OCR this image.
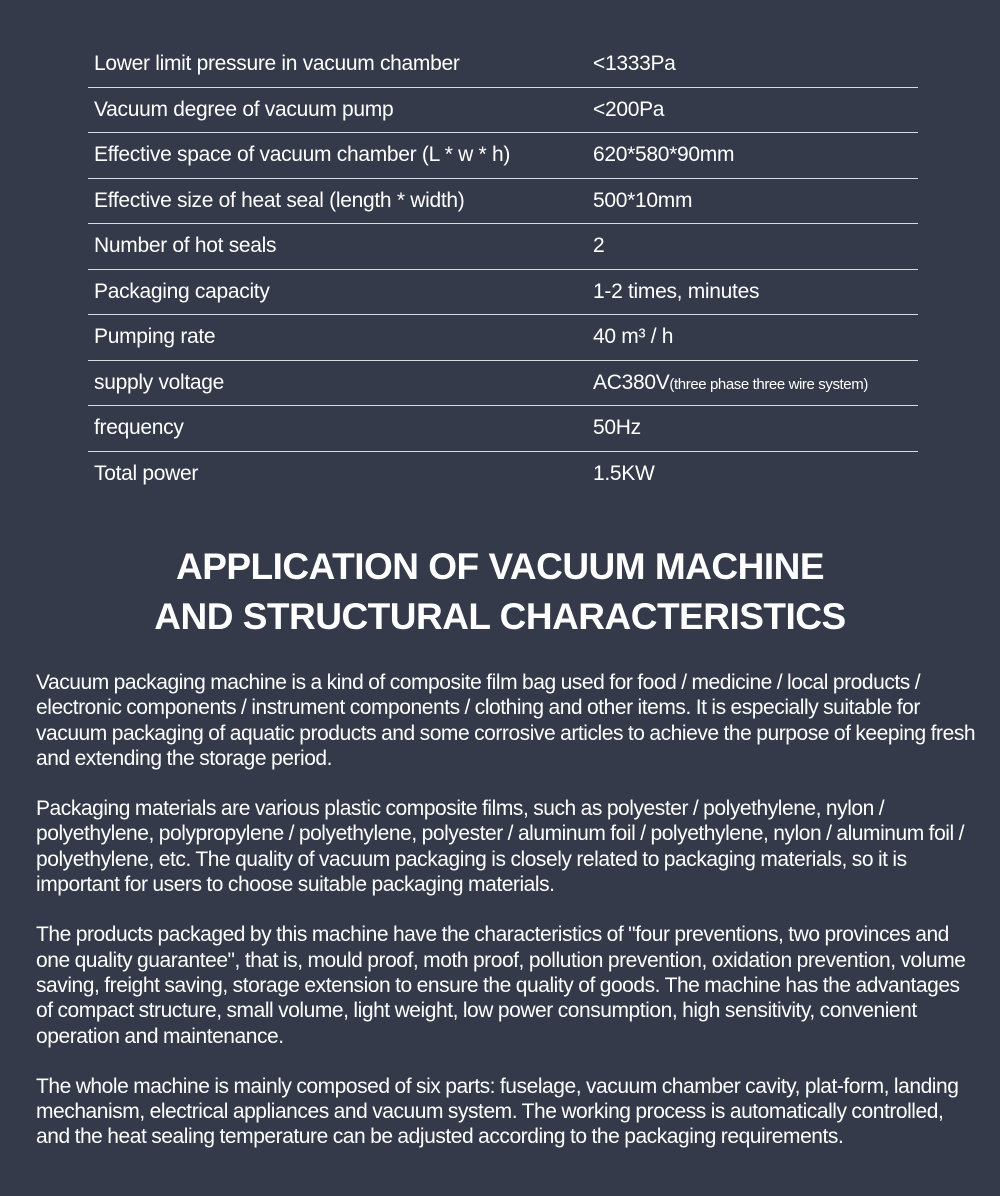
Lower limit pressure in vacuum chamber	<1333Pa
Vacuum degree of vacuum pump	<200Pa
Effective space of vacuum chamber (L * w * h)	620*580*90mm
Effective size of heat seal (length * width)	500*10mm
Number of hot seals	2
Packaging capacity	1-2 times, minutes
Pumping rate	40 m³ / h
supply voltage	AC380V(three phase three wire system)
frequency	50Hz
Total power	1.5KW
APPLICATION OF VACUUM MACHINE
AND STRUCTURAL CHARACTERISTICS

Vacuum packaging machine is a kind of composite film bag used for food / medicine / local products / electronic components / instrument components / clothing and other items. It is especially suitable for vacuum packaging of aquatic products and some corrosive articles to achieve the purpose of keeping fresh and extending the storage period.

Packaging materials are various plastic composite films, such as polyester / polyethylene, nylon / polyethylene, polypropylene / polyethylene, polyester / aluminum foil / polyethylene, nylon / aluminum foil / polyethylene, etc. The quality of vacuum packaging is closely related to packaging materials, so it is important for users to choose suitable packaging materials.

The products packaged by this machine have the characteristics of "four preventions, two provinces and one quality guarantee", that is, mould proof, moth proof, pollution prevention, oxidation prevention, volume saving, freight saving, storage extension to ensure the quality of goods. The machine has the advantages of compact structure, small volume, light weight, low power consumption, high sensitivity, convenient operation and maintenance.

The whole machine is mainly composed of six parts: fuselage, vacuum chamber cavity, plat-form, landing mechanism, electrical appliances and vacuum system. The working process is automatically controlled, and the heat sealing temperature can be adjusted according to the packaging requirements.
